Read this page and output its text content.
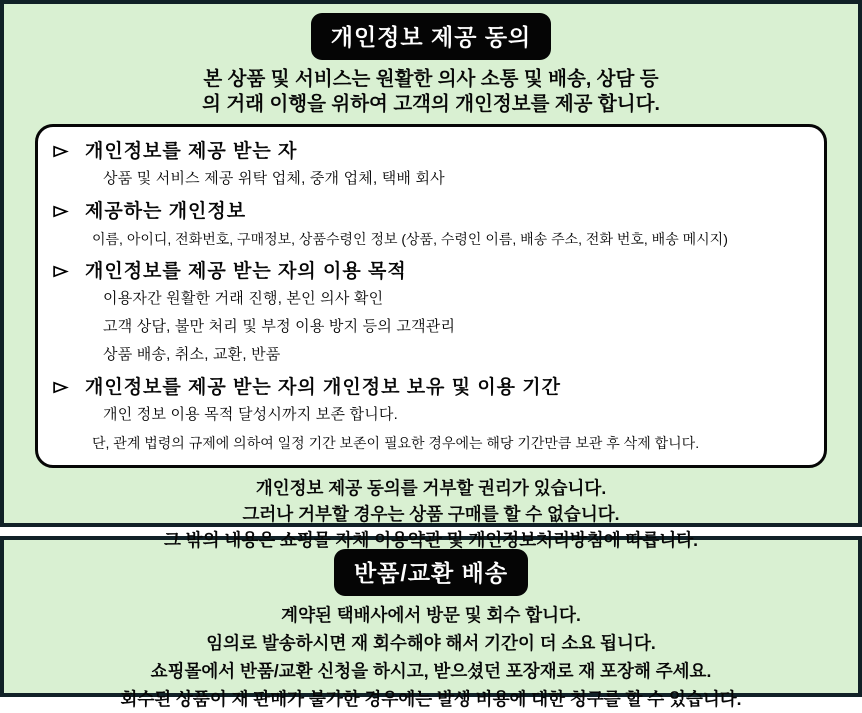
개인정보 제공 동의
본 상품 및 서비스는 원활한 의사 소통 및 배송, 상담 등
의 거래 이행을 위하여 고객의 개인정보를 제공 합니다.
개인정보를 제공 받는 자
상품 및 서비스 제공 위탁 업체, 중개 업체, 택배 회사
제공하는 개인정보
이름, 아이디, 전화번호, 구매정보, 상품수령인 정보 (상품, 수령인 이름, 배송 주소, 전화 번호, 배송 메시지)
개인정보를 제공 받는 자의 이용 목적
이용자간 원활한 거래 진행, 본인 의사 확인
고객 상담, 불만 처리 및 부정 이용 방지 등의 고객관리
상품 배송, 취소, 교환, 반품
개인정보를 제공 받는 자의 개인정보 보유 및 이용 기간
개인 정보 이용 목적 달성시까지 보존 합니다.
단, 관계 법령의 규제에 의하여 일정 기간 보존이 필요한 경우에는 해당 기간만큼 보관 후 삭제 합니다.
개인정보 제공 동의를 거부할 권리가 있습니다.
그러나 거부할 경우는 상품 구매를 할 수 없습니다.
그 밖의 내용은 쇼핑몰 자체 이용약관 및 개인정보처리방침에 따릅니다.
반품/교환 배송
계약된 택배사에서 방문 및 회수 합니다.
임의로 발송하시면 재 회수해야 해서 기간이 더 소요 됩니다.
쇼핑몰에서 반품/교환 신청을 하시고, 받으셨던 포장재로 재 포장해 주세요.
회수된 상품이 재 판매가 불가한 경우에는 발생 비용에 대한 청구를 할 수 있습니다.
